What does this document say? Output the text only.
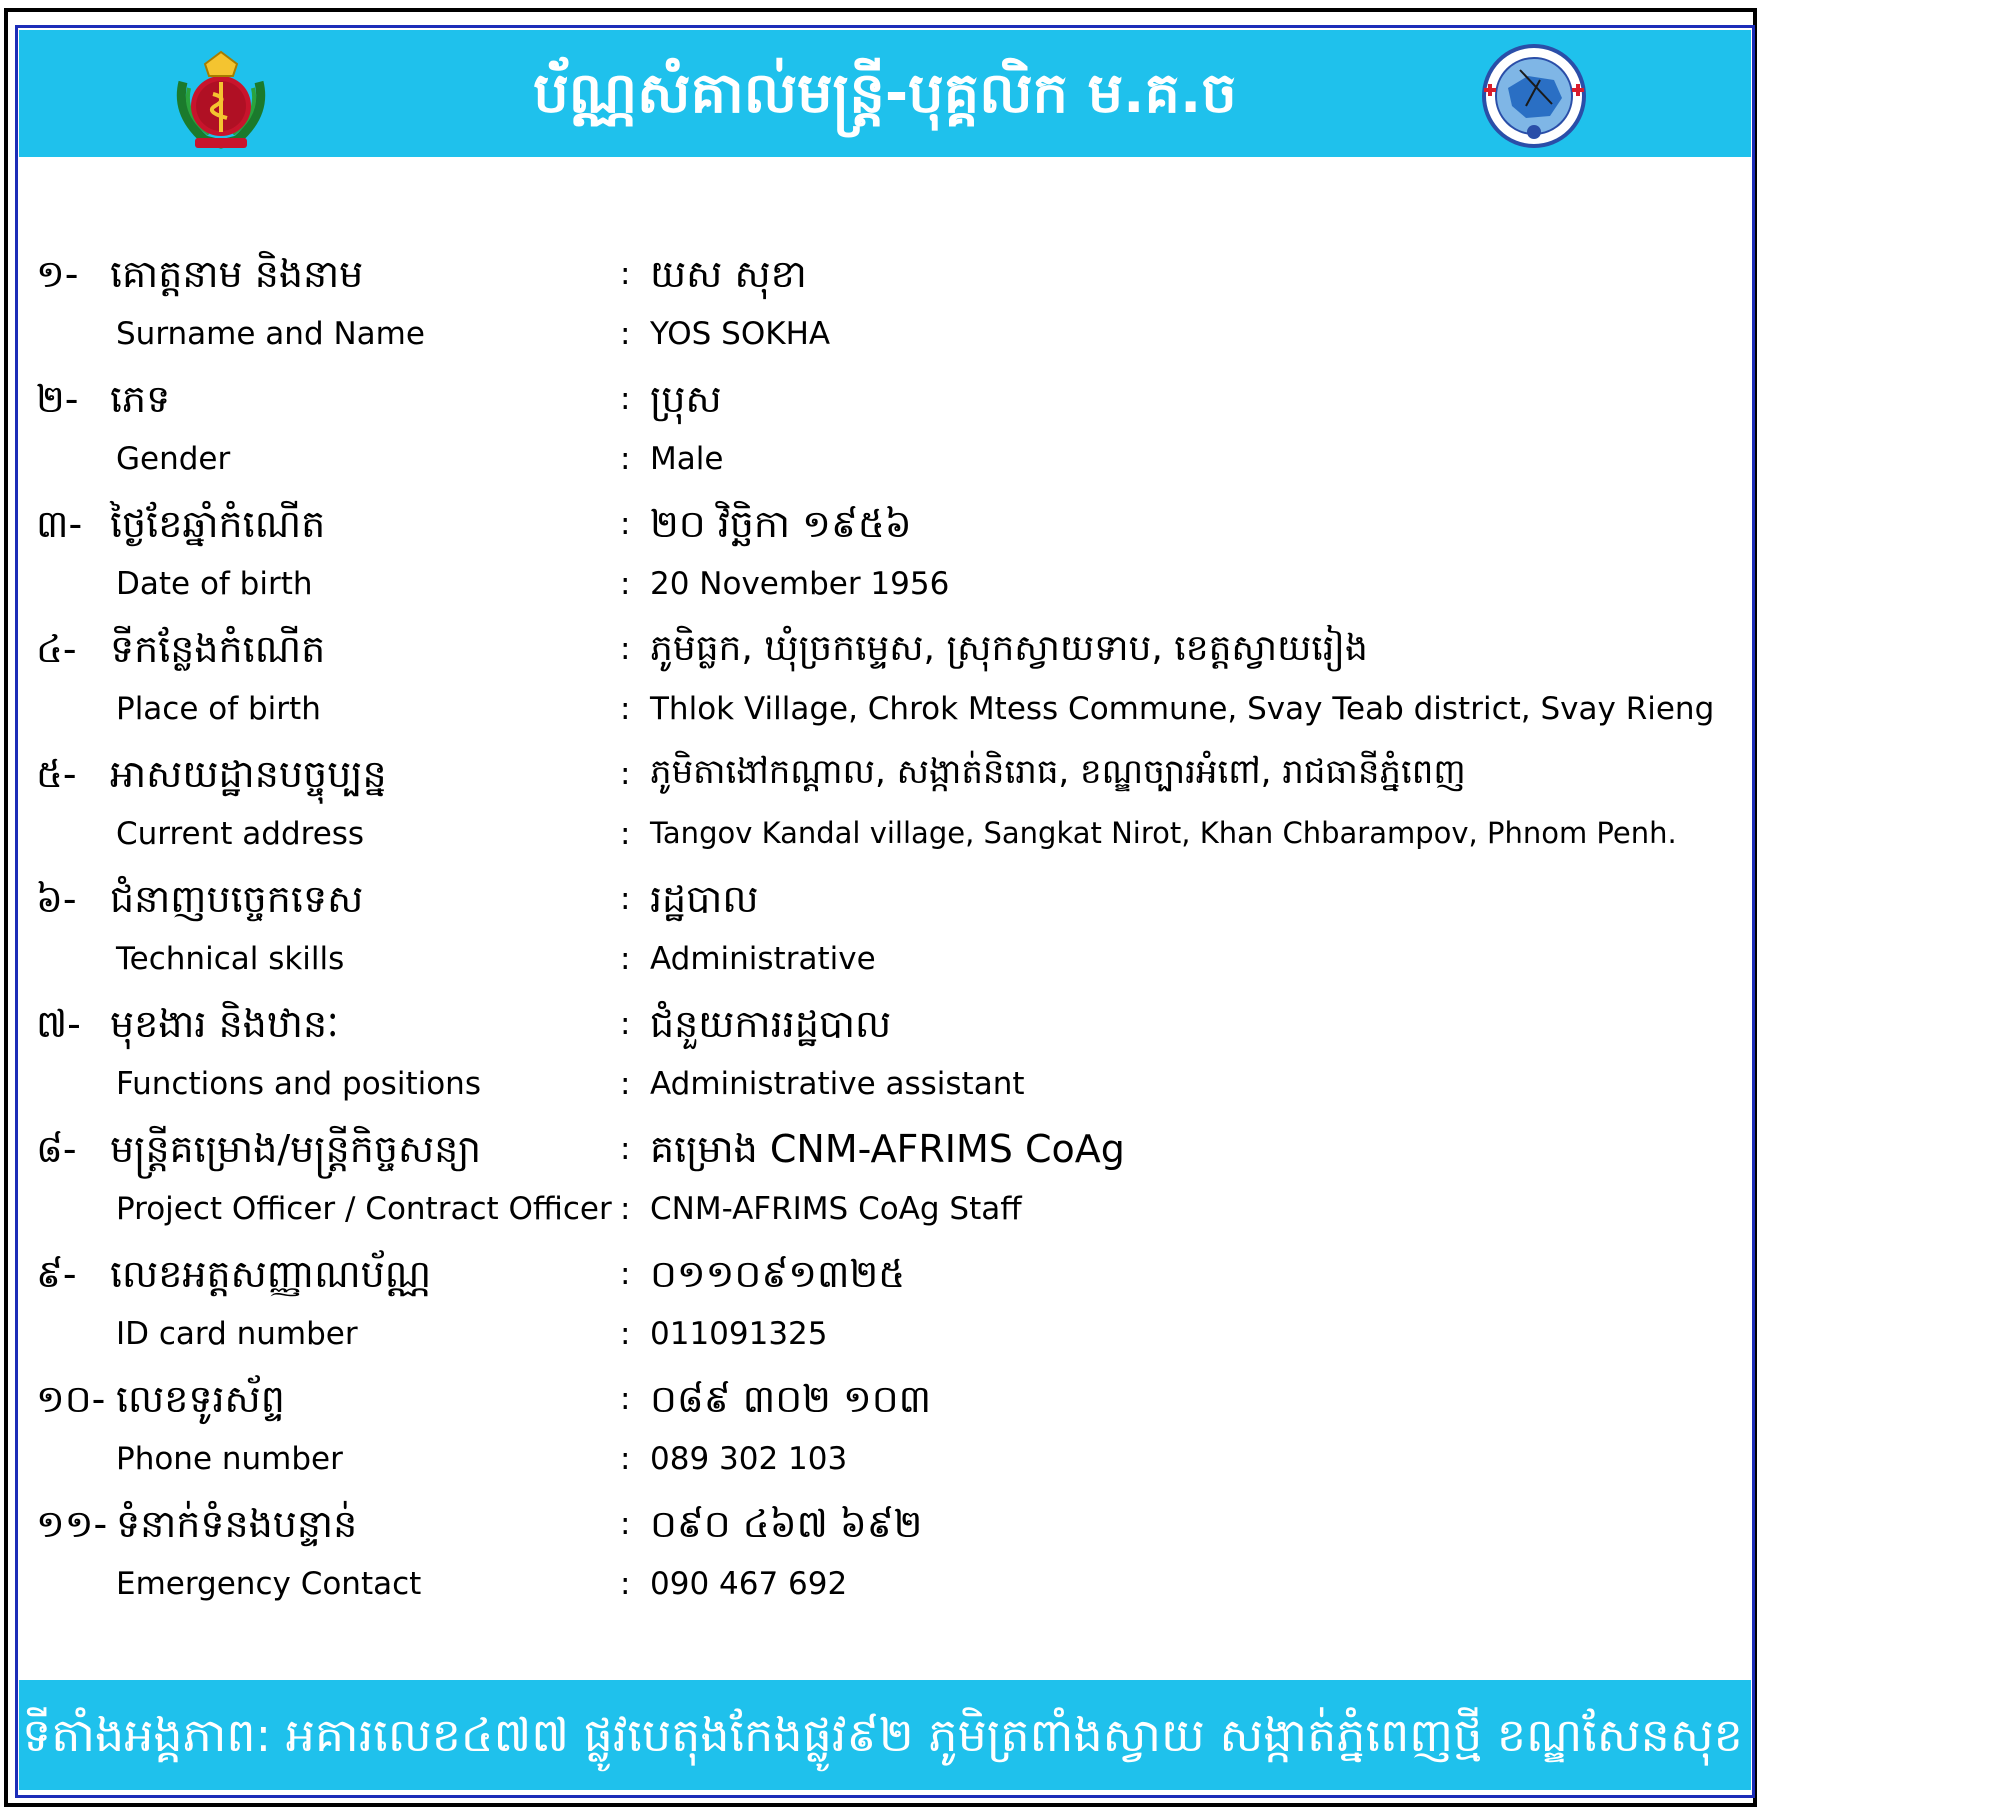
ប័ណ្ណសំគាល់មន្ត្រី-បុគ្គលិក ម.គ.ច
១- គោត្តនាម និងនាម	: យស សុខា
Surname and Name	: YOS SOKHA
២- ភេទ	: ប្រុស
Gender	: Male
៣- ថ្ងៃខែឆ្នាំកំណើត	: ២០ វិច្ឆិកា ១៩៥៦
Date of birth	: 20 November 1956
៤- ទីកន្លែងកំណើត	: ភូមិធ្លក, ឃុំច្រកម្ទេស, ស្រុកស្វាយទាប, ខេត្តស្វាយរៀង
Place of birth	: Thlok Village, Chrok Mtess Commune, Svay Teab district, Svay Rieng
៥- អាសយដ្ឋានបច្ចុប្បន្ន	: ភូមិតាងៅកណ្តាល, សង្កាត់និរោធ, ខណ្ឌច្បារអំពៅ, រាជធានីភ្នំពេញ
Current address	: Tangov Kandal village, Sangkat Nirot, Khan Chbarampov, Phnom Penh.
៦- ជំនាញបច្ចេកទេស	: រដ្ឋបាល
Technical skills	: Administrative
៧- មុខងារ និងឋានៈ	: ជំនួយការរដ្ឋបាល
Functions and positions	: Administrative assistant
៨- មន្ត្រីគម្រោង/មន្ត្រីកិច្ចសន្យា	: គម្រោង CNM-AFRIMS CoAg
Project Officer / Contract Officer : CNM-AFRIMS CoAg Staff
៩- លេខអត្តសញ្ញាណប័ណ្ណ	: ០១១០៩១៣២៥
ID card number	: 011091325
១០- លេខទូរស័ព្ទ	: ០៨៩ ៣០២ ១០៣
Phone number	: 089 302 103
១១- ទំនាក់ទំនងបន្ទាន់	: ០៩០ ៤៦៧ ៦៩២
Emergency Contact	: 090 467 692
ទីតាំងអង្គភាព: អគារលេខ៤៧៧ ផ្លូវបេតុងកែងផ្លូវ៩២ ភូមិត្រពាំងស្វាយ សង្កាត់ភ្នំពេញថ្មី ខណ្ឌសែនសុខ រាជធានីភ្នំពេញ
